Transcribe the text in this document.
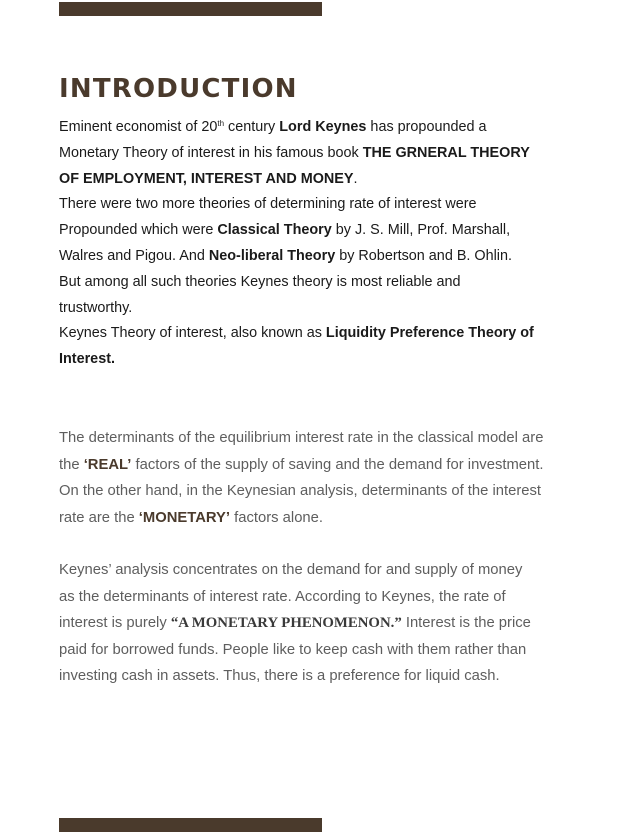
INTRODUCTION

Eminent economist of 20th century Lord Keynes has propounded a

Monetary Theory of interest in his famous book THE GRNERAL THEORY

OF EMPLOYMENT, INTEREST AND MONEY.

There were two more theories of determining rate of interest were

Propounded which were Classical Theory by J. S. Mill, Prof. Marshall,

Walres and Pigou. And Neo-liberal Theory by Robertson and B. Ohlin.

But among all such theories Keynes theory is most reliable and

trustworthy.

Keynes Theory of interest, also known as Liquidity Preference Theory of

Interest.

The determinants of the equilibrium interest rate in the classical model are

the ‘REAL’ factors of the supply of saving and the demand for investment.

On the other hand, in the Keynesian analysis, determinants of the interest

rate are the ‘MONETARY’ factors alone.

Keynes’ analysis concentrates on the demand for and supply of money

as the determinants of interest rate. According to Keynes, the rate of

interest is purely “A MONETARY PHENOMENON.” Interest is the price

paid for borrowed funds. People like to keep cash with them rather than

investing cash in assets. Thus, there is a preference for liquid cash.
